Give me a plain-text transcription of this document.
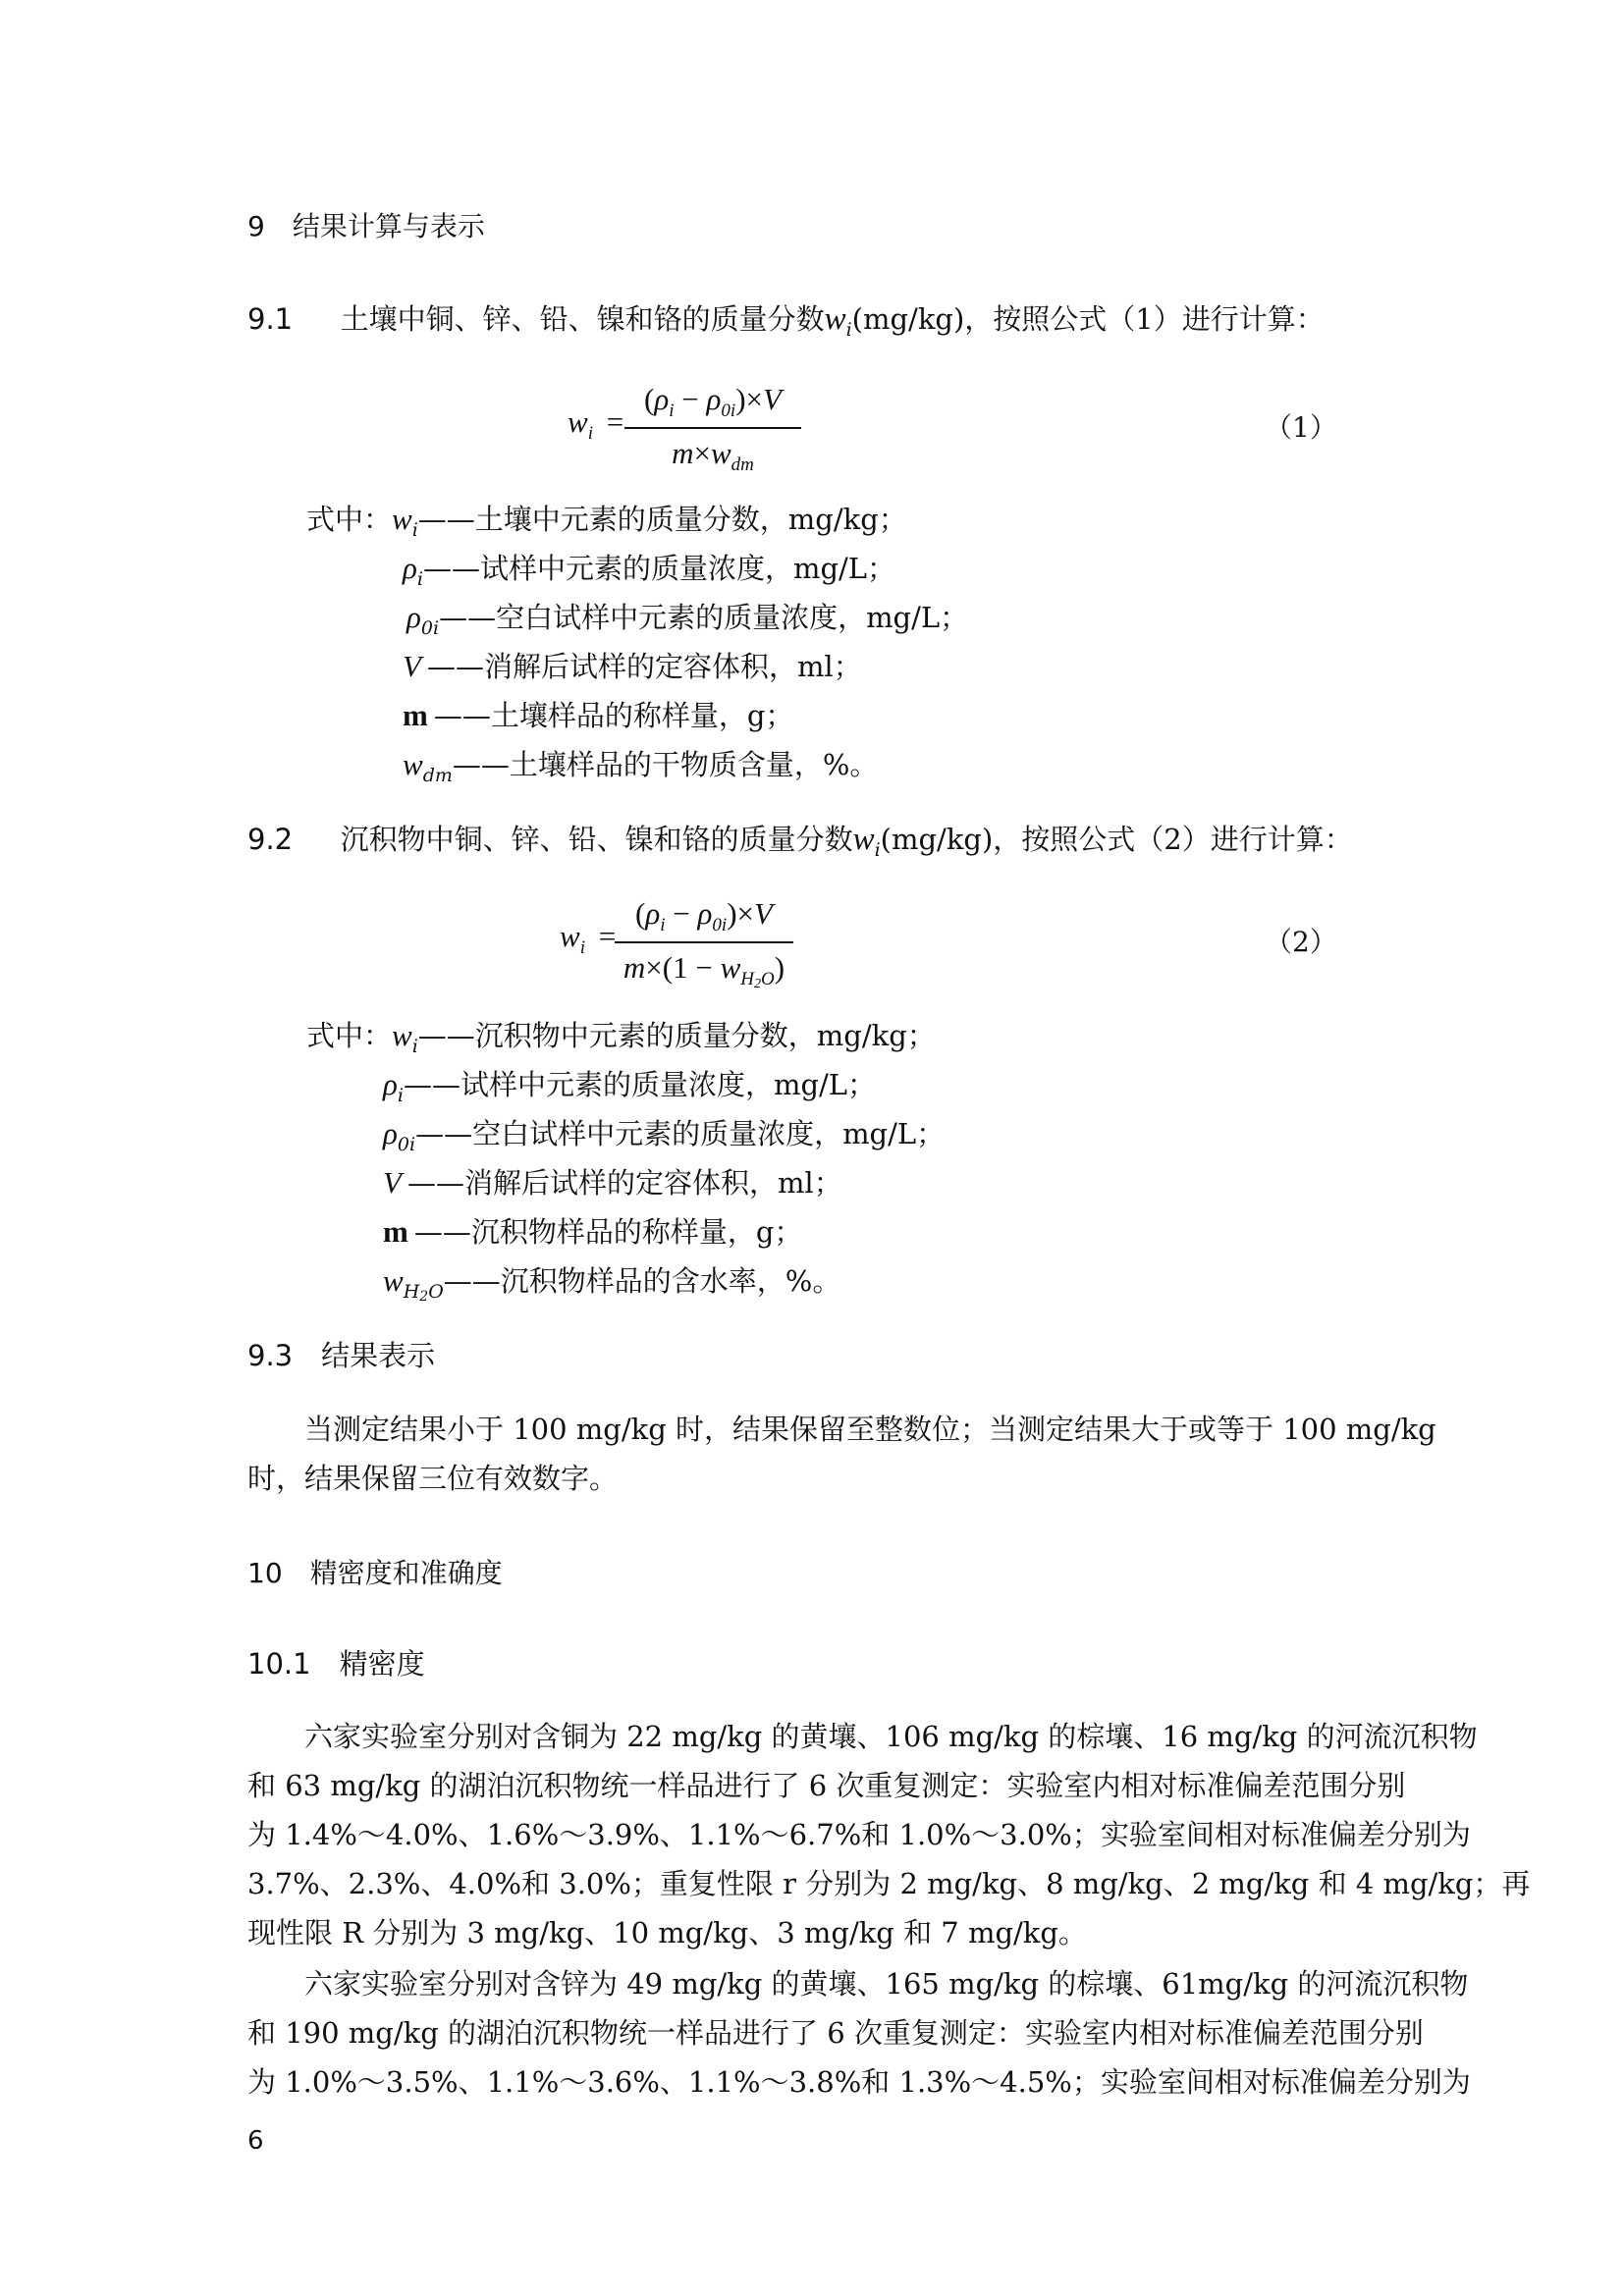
9　结果计算与表示
9.1 土壤中铜、锌、铅、镍和铬的质量分数$w_i(mg/kg)$，按照公式（1）进行计算：
$w_i$ =
$(\rho_i - \rho_{0i})\times V$
$m\times w_{dm}$
（1）
式中：$w_i——$土壤中元素的质量分数，mg/kg；
$\rho_i——$试样中元素的质量浓度，mg/L；
$\rho_{0i}——$空白试样中元素的质量浓度，mg/L；
V ——消解后试样的定容体积，ml；
m ——土壤样品的称样量，g；
$w_{dm}——$土壤样品的干物质含量，%。
9.2 沉积物中铜、锌、铅、镍和铬的质量分数$w_i(mg/kg)$，按照公式（2）进行计算：
$w_i$ =
$(\rho_i - \rho_{0i})\times V$
$m\times(1 - w_{H2O})$
（2）
式中：$w_i——$沉积物中元素的质量分数，mg/kg；
$\rho_i——$试样中元素的质量浓度，mg/L；
$\rho_{0i}——$空白试样中元素的质量浓度，mg/L；
V ——消解后试样的定容体积，ml；
m ——沉积物样品的称样量，g；
$w_{H2O}——$沉积物样品的含水率，%。
9.3　结果表示
当测定结果小于 100 mg/kg 时，结果保留至整数位；当测定结果大于或等于 100 mg/kg
时，结果保留三位有效数字。
10　精密度和准确度
10.1　精密度
六家实验室分别对含铜为 22 mg/kg 的黄壤、106 mg/kg 的棕壤、16 mg/kg 的河流沉积物
和 63 mg/kg 的湖泊沉积物统一样品进行了 6 次重复测定：实验室内相对标准偏差范围分别
为 1.4%～4.0%、1.6%～3.9%、1.1%～6.7%和 1.0%～3.0%；实验室间相对标准偏差分别为
3.7%、2.3%、4.0%和 3.0%；重复性限 r 分别为 2 mg/kg、8 mg/kg、2 mg/kg 和 4 mg/kg；再
现性限 R 分别为 3 mg/kg、10 mg/kg、3 mg/kg 和 7 mg/kg。
六家实验室分别对含锌为 49 mg/kg 的黄壤、165 mg/kg 的棕壤、61mg/kg 的河流沉积物
和 190 mg/kg 的湖泊沉积物统一样品进行了 6 次重复测定：实验室内相对标准偏差范围分别
为 1.0%～3.5%、1.1%～3.6%、1.1%～3.8%和 1.3%～4.5%；实验室间相对标准偏差分别为
6
